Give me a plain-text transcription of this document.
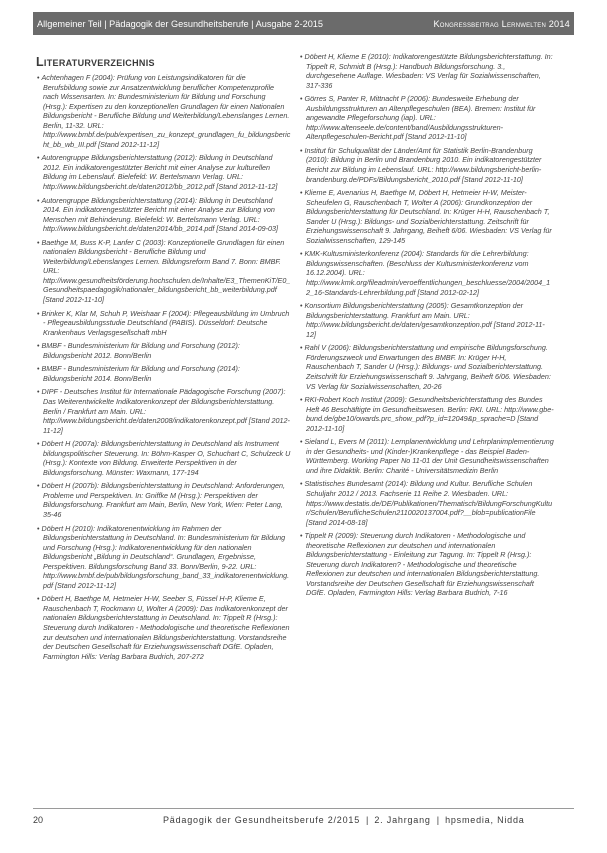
Allgemeiner Teil | Pädagogik der Gesundheitsberufe | Ausgabe 2-2015	Kongressbeitrag Lernwelten 2014
Literaturverzeichnis

• Achtenhagen F (2004): Prüfung von Leistungsindikatoren für die Berufsbildung sowie zur Ansatzentwicklung beruflicher Kompetenzprofile nach Wissensarten. In: Bundesministerium für Bildung und Forschung (Hrsg.): Expertisen zu den konzeptionellen Grundlagen für einen Nationalen Bildungsbericht - Berufliche Bildung und Weiterbildung/Lebenslanges Lernen. Berlin, 11-32. URL: http://www.bmbf.de/pub/expertisen_zu_konzept_grundlagen_fu_bildungsbericht_bb_wb_III.pdf [Stand 2012-11-12]

• Autorengruppe Bildungsberichterstattung (2012): Bildung in Deutschland 2012. Ein indikatorengestützter Bericht mit einer Analyse zur kulturellen Bildung im Lebenslauf. Bielefeld: W. Bertelsmann Verlag. URL: http://www.bildungsbericht.de/daten2012/bb_2012.pdf [Stand 2012-11-12]

• Autorengruppe Bildungsberichterstattung (2014): Bildung in Deutschland 2014. Ein indikatorengestützter Bericht mit einer Analyse zur Bildung von Menschen mit Behinderung. Bielefeld: W. Bertelsmann Verlag. URL: http://www.bildungsbericht.de/daten2014/bb_2014.pdf [Stand 2014-09-03]

• Baethge M, Buss K-P, Lanfer C (2003): Konzeptionelle Grundlagen für einen nationalen Bildungsbericht - Berufliche Bildung und Weiterbildung/Lebenslanges Lernen. Bildungsreform Band 7. Bonn: BMBF. URL: http://www.gesundheitsförderung.hochschulen.de/Inhalte/E3_ThemenKiT/E0_Gesundheitspaedagogik/nationaler_bildungsbericht_bb_weiterbildung.pdf [Stand 2012-11-10]

• Brinker K, Klar M, Schuh P, Weishaar F (2004): Pflegeausbildung im Umbruch - Pflegeausbildungsstudie Deutschland (PABIS). Düsseldorf: Deutsche Krankenhaus Verlagsgesellschaft mbH

• BMBF - Bundesministerium für Bildung und Forschung (2012): Bildungsbericht 2012. Bonn/Berlin

• BMBF - Bundesministerium für Bildung und Forschung (2014): Bildungsbericht 2014. Bonn/Berlin

• DIPF - Deutsches Institut für Internationale Pädagogische Forschung (2007): Das Weiterentwickelte Indikatorenkonzept der Bildungsberichterstattung. Berlin / Frankfurt am Main. URL: http://www.bildungsbericht.de/daten2008/indikatorenkonzept.pdf [Stand 2012-11-12]

• Döbert H (2007a): Bildungsberichterstattung in Deutschland als Instrument bildungspolitischer Steuerung. In: Böhm-Kasper O, Schuchart C, Schulzeck U (Hrsg.): Kontexte von Bildung. Erweiterte Perspektiven in der Bildungsforschung. Münster: Waxmann, 177-194

• Döbert H (2007b): Bildungsberichterstattung in Deutschland: Anforderungen, Probleme und Perspektiven. In: Gniffke M (Hrsg.): Perspektiven der Bildungsforschung. Frankfurt am Main, Berlin, New York, Wien: Peter Lang, 35-46

• Döbert H (2010): Indikatorenentwicklung im Rahmen der Bildungsberichterstattung in Deutschland. In: Bundesministerium für Bildung und Forschung (Hrsg.): Indikatorenentwicklung für den nationalen Bildungsbericht „Bildung in Deutschland“. Grundlagen, Ergebnisse, Perspektiven. Bildungsforschung Band 33. Bonn/Berlin, 9-22. URL: http://www.bmbf.de/pub/bildungsforschung_band_33_indikatorenentwicklung.pdf [Stand 2012-11-12]

• Döbert H, Baethge M, Hetmeier H-W, Seeber S, Füssel H-P, Klieme E, Rauschenbach T, Rockmann U, Wolter A (2009): Das Indikatorenkonzept der nationalen Bildungsberichterstattung in Deutschland. In: Tippelt R (Hrsg.): Steuerung durch Indikatoren - Methodologische und theoretische Reflexionen zur deutschen und internationalen Bildungsberichterstattung. Vorstandsreihe der Deutschen Gesellschaft für Erziehungswissenschaft DGfE. Opladen, Farmington Hills: Verlag Barbara Budrich, 207-272

• Döbert H, Klieme E (2010): Indikatorengestützte Bildungsberichterstattung. In: Tippelt R, Schmidt B (Hrsg.): Handbuch Bildungsforschung. 3., durchgesehene Auflage. Wiesbaden: VS Verlag für Sozialwissenschaften, 317-336

• Görres S, Panter R, Mittnacht P (2006): Bundesweite Erhebung der Ausbildungsstrukturen an Altenpflegeschulen (BEA). Bremen: Institut für angewandte Pflegeforschung (iap). URL: http://www.altenseele.de/content/band/Ausbildungsstrukturen-Altenpflegeschulen-Bericht.pdf [Stand 2012-11-10]

• Institut für Schulqualität der Länder/Amt für Statistik Berlin-Brandenburg (2010): Bildung in Berlin und Brandenburg 2010. Ein indikatorengestützter Bericht zur Bildung im Lebenslauf. URL: http://www.bildungsbericht-berlin-brandenburg.de/PDFs/Bildungsbericht_2010.pdf [Stand 2012-11-10]

• Klieme E, Avenarius H, Baethge M, Döbert H, Hetmeier H-W, Meister-Scheufelen G, Rauschenbach T, Wolter A (2006): Grundkonzeption der Bildungsberichterstattung für Deutschland. In: Krüger H-H, Rauschenbach T, Sander U (Hrsg.): Bildungs- und Sozialberichterstattung. Zeitschrift für Erziehungswissenschaft 9. Jahrgang, Beiheft 6/06. Wiesbaden: VS Verlag für Sozialwissenschaften, 129-145

• KMK-Kultusministerkonferenz (2004): Standards für die Lehrerbildung: Bildungswissenschaften. (Beschluss der Kultusministerkonferenz vom 16.12.2004). URL: http://www.kmk.org/fileadmin/veroeffentlichungen_beschluesse/2004/2004_12_16-Standards-Lehrerbildung.pdf [Stand 2012-02-12]

• Konsortium Bildungsberichterstattung (2005): Gesamtkonzeption der Bildungsberichterstattung. Frankfurt am Main. URL: http://www.bildungsbericht.de/daten/gesamtkonzeption.pdf [Stand 2012-11-12]

• Rahl V (2006): Bildungsberichterstattung und empirische Bildungsforschung. Förderungszweck und Erwartungen des BMBF. In: Krüger H-H, Rauschenbach T, Sander U (Hrsg.): Bildungs- und Sozialberichterstattung. Zeitschrift für Erziehungswissenschaft 9. Jahrgang, Beiheft 6/06. Wiesbaden: VS Verlag für Sozialwissenschaften, 20-26

• RKI-Robert Koch Institut (2009): Gesundheitsberichterstattung des Bundes Heft 46 Beschäftigte im Gesundheitswesen. Berlin: RKI. URL: http://www.gbe-bund.de/gbe10/owards.prc_show_pdf?p_id=12049&p_sprache=D [Stand 2012-11-10]

• Sieland L, Evers M (2011): Lernplanentwicklung und Lehrplanimplementierung in der Gesundheits- und (Kinder-)Krankenpflege - das Beispiel Baden-Württemberg. Working Paper No 11-01 der Unit Gesundheitswissenschaften und ihre Didaktik. Berlin: Charité - Universitätsmedizin Berlin

• Statistisches Bundesamt (2014): Bildung und Kultur. Berufliche Schulen Schuljahr 2012 / 2013. Fachserie 11 Reihe 2. Wiesbaden. URL: https://www.destatis.de/DE/Publikationen/Thematisch/BildungForschungKultur/Schulen/BeruflicheSchulen2110020137004.pdf?__blob=publicationFile [Stand 2014-08-18]

• Tippelt R (2009): Steuerung durch Indikatoren - Methodologische und theoretische Reflexionen zur deutschen und internationalen Bildungsberichterstattung - Einleitung zur Tagung. In: Tippelt R (Hrsg.): Steuerung durch Indikatoren? - Methodologische und theoretische Reflexionen zur deutschen und internationalen Bildungsberichterstattung. Vorstandsreihe der Deutschen Gesellschaft für Erziehungswissenschaft DGfE. Opladen, Farmington Hills: Verlag Barbara Budrich, 7-16

20	Pädagogik der Gesundheitsberufe 2/2015 | 2. Jahrgang | hpsmedia, Nidda
